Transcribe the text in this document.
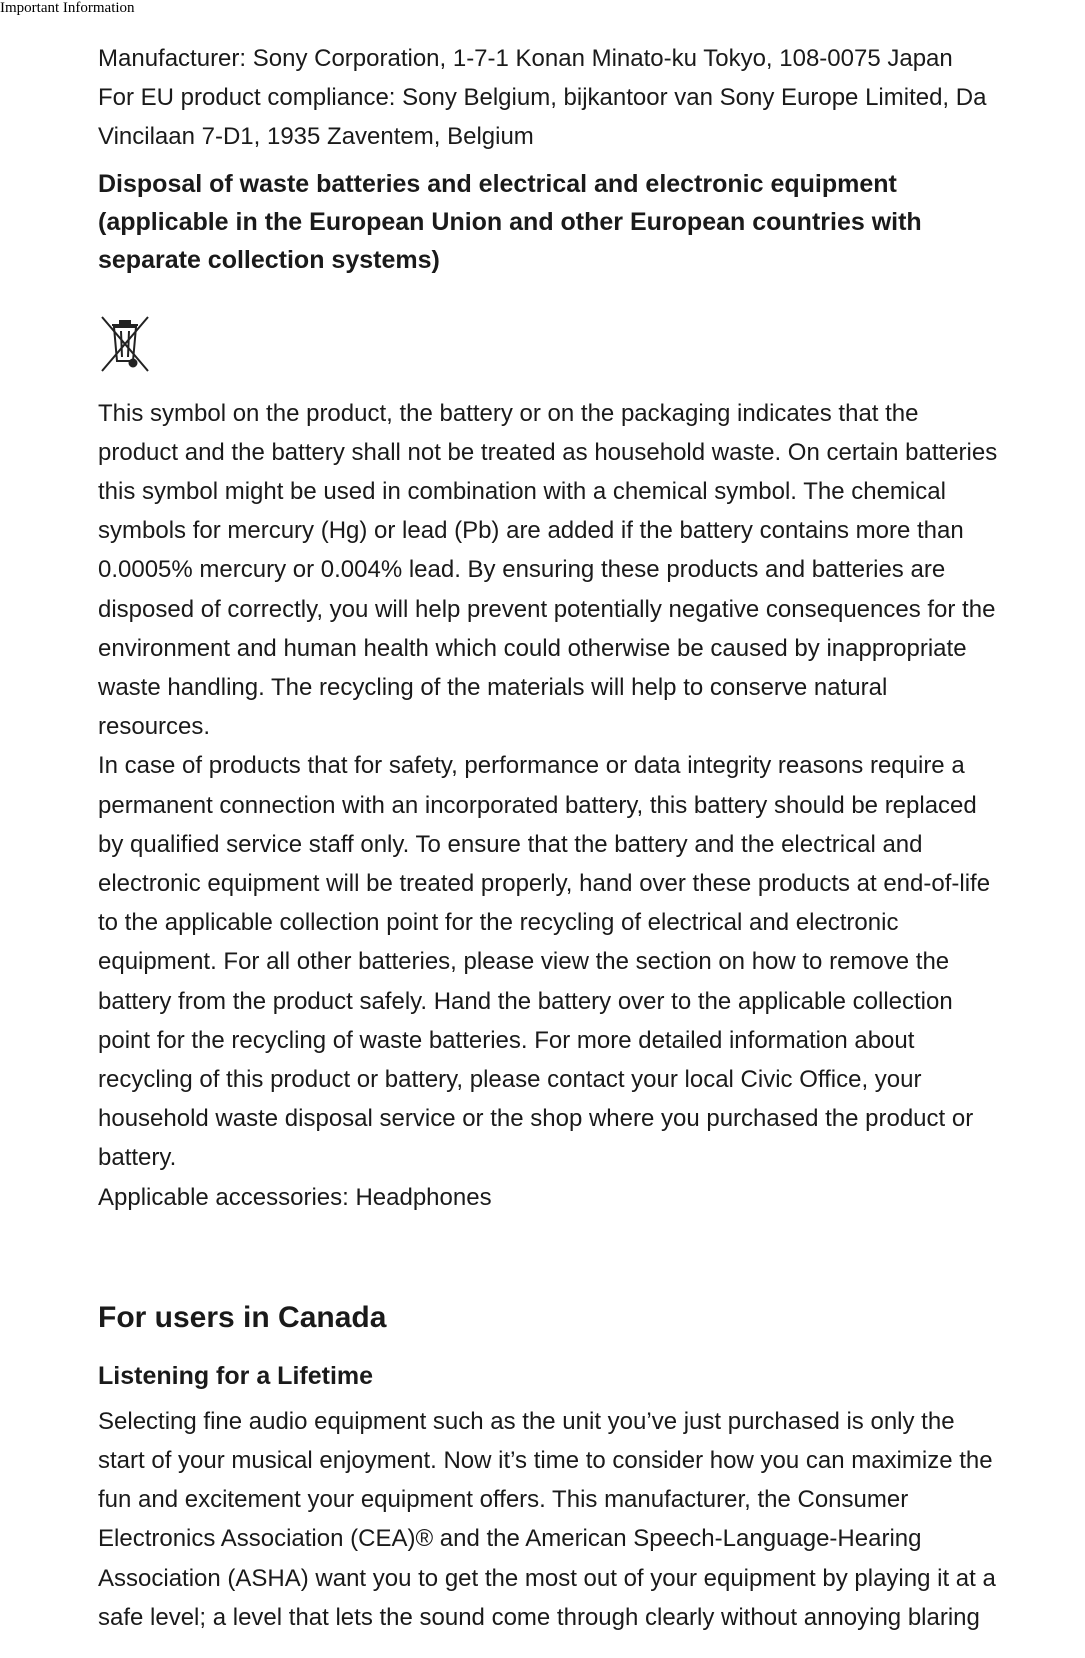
Important Information

Manufacturer: Sony Corporation, 1-7-1 Konan Minato-ku Tokyo, 108-0075 Japan

For EU product compliance: Sony Belgium, bijkantoor van Sony Europe Limited, Da

Vincilaan 7-D1, 1935 Zaventem, Belgium

Disposal of waste batteries and electrical and electronic equipment
(applicable in the European Union and other European countries with
separate collection systems)

This symbol on the product, the battery or on the packaging indicates that the

product and the battery shall not be treated as household waste. On certain batteries

this symbol might be used in combination with a chemical symbol. The chemical

symbols for mercury (Hg) or lead (Pb) are added if the battery contains more than

0.0005% mercury or 0.004% lead. By ensuring these products and batteries are

disposed of correctly, you will help prevent potentially negative consequences for the

environment and human health which could otherwise be caused by inappropriate

waste handling. The recycling of the materials will help to conserve natural

resources.

In case of products that for safety, performance or data integrity reasons require a

permanent connection with an incorporated battery, this battery should be replaced

by qualified service staff only. To ensure that the battery and the electrical and

electronic equipment will be treated properly, hand over these products at end-of-life

to the applicable collection point for the recycling of electrical and electronic

equipment. For all other batteries, please view the section on how to remove the

battery from the product safely. Hand the battery over to the applicable collection

point for the recycling of waste batteries. For more detailed information about

recycling of this product or battery, please contact your local Civic Office, your

household waste disposal service or the shop where you purchased the product or

battery.

Applicable accessories: Headphones

For users in Canada
Listening for a Lifetime

Selecting fine audio equipment such as the unit you’ve just purchased is only the

start of your musical enjoyment. Now it’s time to consider how you can maximize the

fun and excitement your equipment offers. This manufacturer, the Consumer

Electronics Association (CEA)® and the American Speech-Language-Hearing

Association (ASHA) want you to get the most out of your equipment by playing it at a

safe level; a level that lets the sound come through clearly without annoying blaring
